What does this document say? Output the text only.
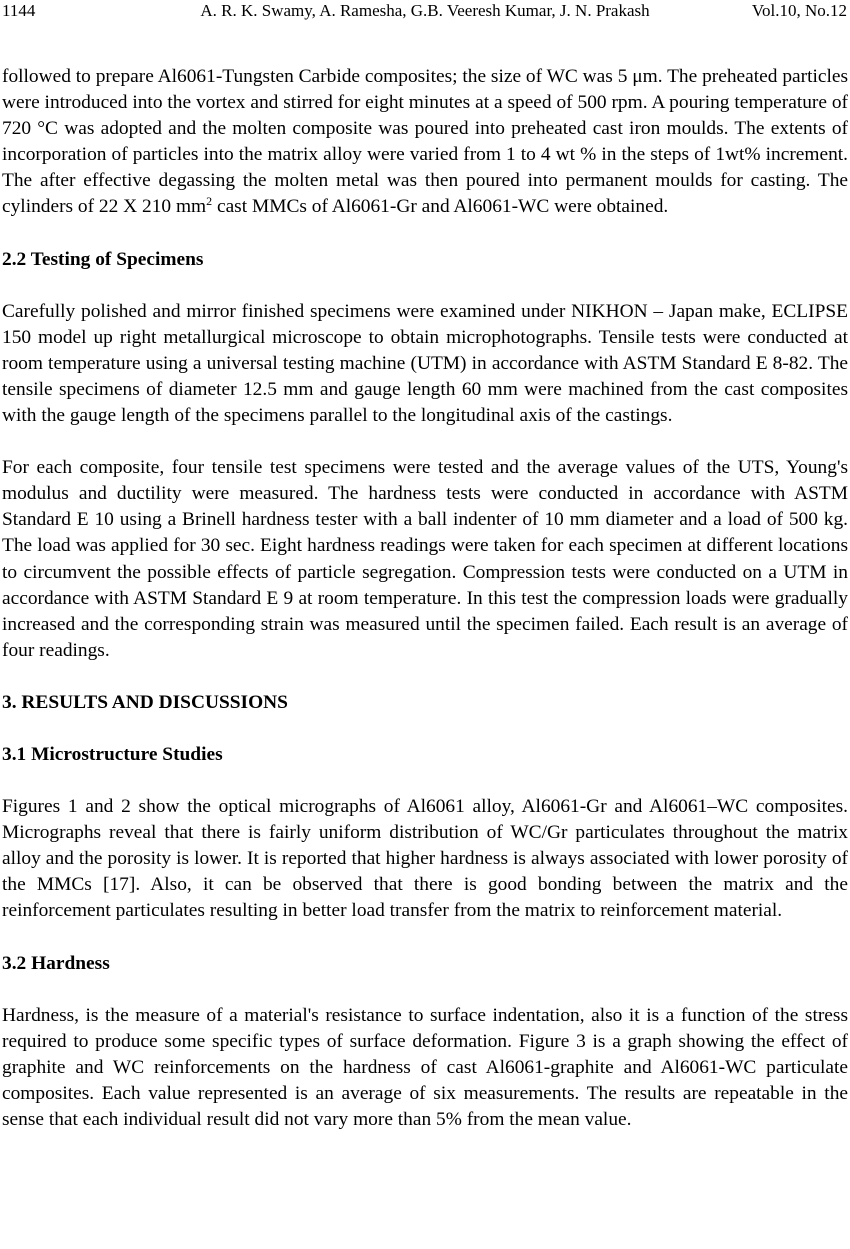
1144	A. R. K. Swamy, A. Ramesha, G.B. Veeresh Kumar, J. N. Prakash	Vol.10, No.12

followed to prepare Al6061-Tungsten Carbide composites; the size of WC was 5 μm. The preheated particles were introduced into the vortex and stirred for eight minutes at a speed of 500 rpm. A pouring temperature of 720 °C was adopted and the molten composite was poured into preheated cast iron moulds. The extents of incorporation of particles into the matrix alloy were varied from 1 to 4 wt % in the steps of 1wt% increment. The after effective degassing the molten metal was then poured into permanent moulds for casting. The cylinders of 22 X 210 $mm^2$ cast MMCs of Al6061-Gr and Al6061-WC were obtained.

2.2 Testing of Specimens

Carefully polished and mirror finished specimens were examined under NIKHON – Japan make, ECLIPSE 150 model up right metallurgical microscope to obtain microphotographs. Tensile tests were conducted at room temperature using a universal testing machine (UTM) in accordance with ASTM Standard E 8-82. The tensile specimens of diameter 12.5 mm and gauge length 60 mm were machined from the cast composites with the gauge length of the specimens parallel to the longitudinal axis of the castings.

For each composite, four tensile test specimens were tested and the average values of the UTS, Young's modulus and ductility were measured. The hardness tests were conducted in accordance with ASTM Standard E 10 using a Brinell hardness tester with a ball indenter of 10 mm diameter and a load of 500 kg. The load was applied for 30 sec. Eight hardness readings were taken for each specimen at different locations to circumvent the possible effects of particle segregation. Compression tests were conducted on a UTM in accordance with ASTM Standard E 9 at room temperature. In this test the compression loads were gradually increased and the corresponding strain was measured until the specimen failed. Each result is an average of four readings.

3. RESULTS AND DISCUSSIONS

3.1 Microstructure Studies

Figures 1 and 2 show the optical micrographs of Al6061 alloy, Al6061-Gr and Al6061–WC composites. Micrographs reveal that there is fairly uniform distribution of WC/Gr particulates throughout the matrix alloy and the porosity is lower. It is reported that higher hardness is always associated with lower porosity of the MMCs [17]. Also, it can be observed that there is good bonding between the matrix and the reinforcement particulates resulting in better load transfer from the matrix to reinforcement material.

3.2 Hardness

Hardness, is the measure of a material's resistance to surface indentation, also it is a function of the stress required to produce some specific types of surface deformation. Figure 3 is a graph showing the effect of graphite and WC reinforcements on the hardness of cast Al6061-graphite and Al6061-WC particulate composites. Each value represented is an average of six measurements. The results are repeatable in the sense that each individual result did not vary more than 5% from the mean value.
